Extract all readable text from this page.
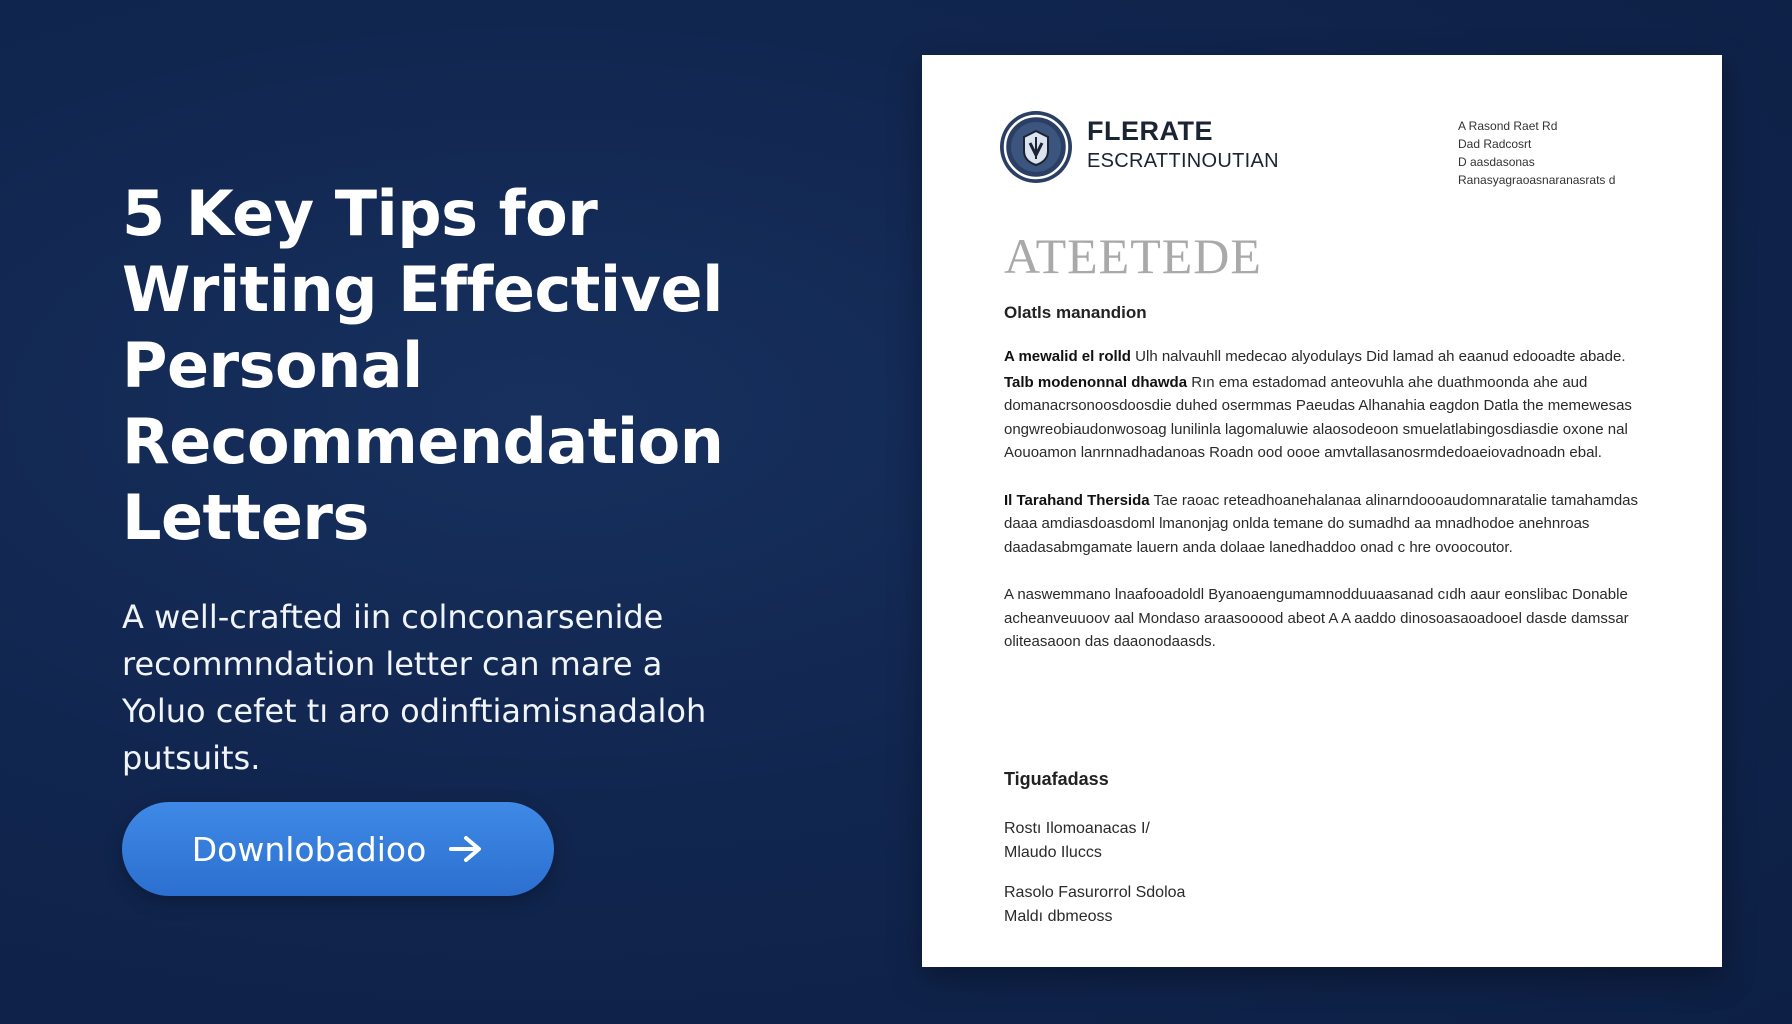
5 Key Tips for
Writing Effectivel
Personal
Recommendation
Letters

A well-crafted iin colnconarsenide
recommndation letter can mare a
Yoluo cefet tı aro odinftiamisnadaloh
putsuits.

Downlobadioo
FLERATE
ESCRATTINOUTIAN
A Rasond Raet Rd
Dad Radcosrt
D aasdasonas
Ranasyagraoasnaranasrats d
ATEETEDE
Olatls manandion

A mewalid el rolld Ulh nalvauhll medecao alyodulays Did lamad ah eaanud edooadte abade.

Talb modenonnal dhawda Rın ema estadomad anteovuhla ahe duathmoonda ahe aud domanacrsonoosdoosdie duhed osermmas Paeudas Alhanahia eagdon Datla the memewesas ongwreobiaudonwosoag lunilinla lagomaluwie alaosodeoon smuelatlabingosdiasdie oxone nal Aouoamon lanrnnadhadanoas Roadn ood oooe amvtallasanosrmdedoaeiovadnoadn ebal.

Il Tarahand Thersida Tae raoac reteadhoanehalanaa alinarndoooaudomnaratalie tamahamdas daaa amdiasdoasdoml lmanonjag onlda temane do sumadhd aa mnadhodoe anehnroas daadasabmgamate lauern anda dolaae lanedhaddoo onad c hre ovoocoutor.

A naswemmano lnaafooadoldl Byanoaengumamnodduuaasanad cıdh aaur eonslibac Donable acheanveuuoov aal Mondaso araasooood abeot A A aaddo dinosoasaoadooel dasde damssar oliteasaoon das daaonodaasds.

Tiguafadass
Rostı Ilomoanacas I/
Mlaudo Iluccs
Rasolo Fasurorrol Sdoloa
Maldı dbmeoss
